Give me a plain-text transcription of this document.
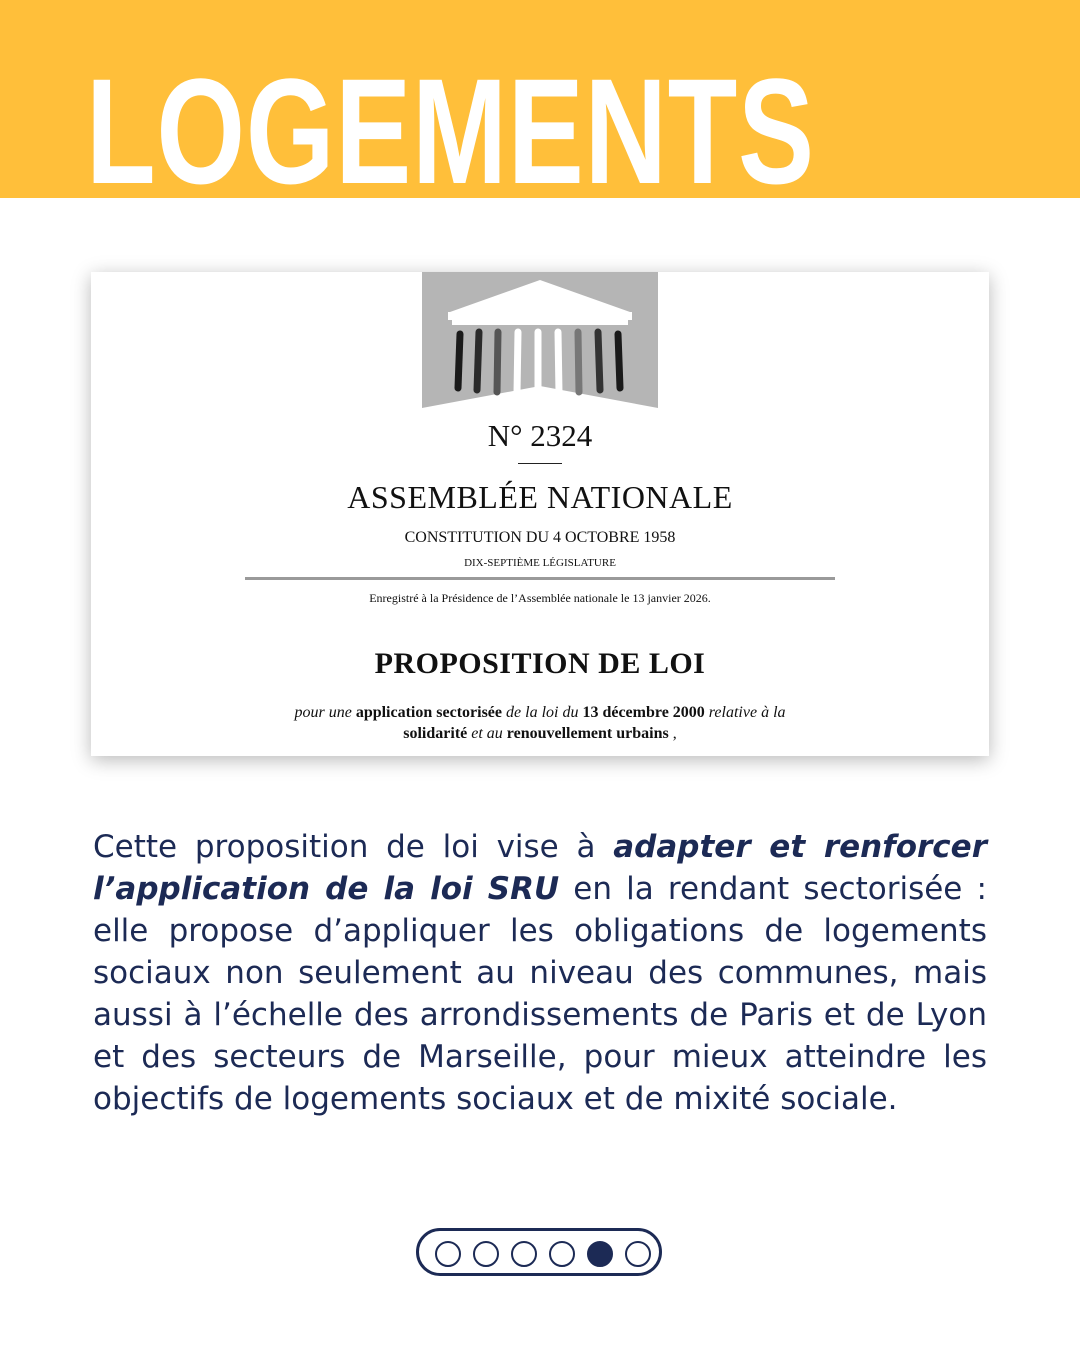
LOGEMENTS
N° 2324
ASSEMBLÉE NATIONALE
CONSTITUTION DU 4 OCTOBRE 1958
DIX-SEPTIÈME LÉGISLATURE
Enregistré à la Présidence de l’Assemblée nationale le 13 janvier 2026.
PROPOSITION DE LOI
pour une application sectorisée de la loi du 13 décembre 2000 relative à la
solidarité et au renouvellement urbains ,

Cette proposition de loi vise à adapter et renforcer l’application de la loi SRU en la rendant sectorisée : elle propose d’appliquer les obligations de logements sociaux non seulement au niveau des communes, mais aussi à l’échelle des arrondissements de Paris et de Lyon et des secteurs de Marseille, pour mieux atteindre les objectifs de logements sociaux et de mixité sociale.
